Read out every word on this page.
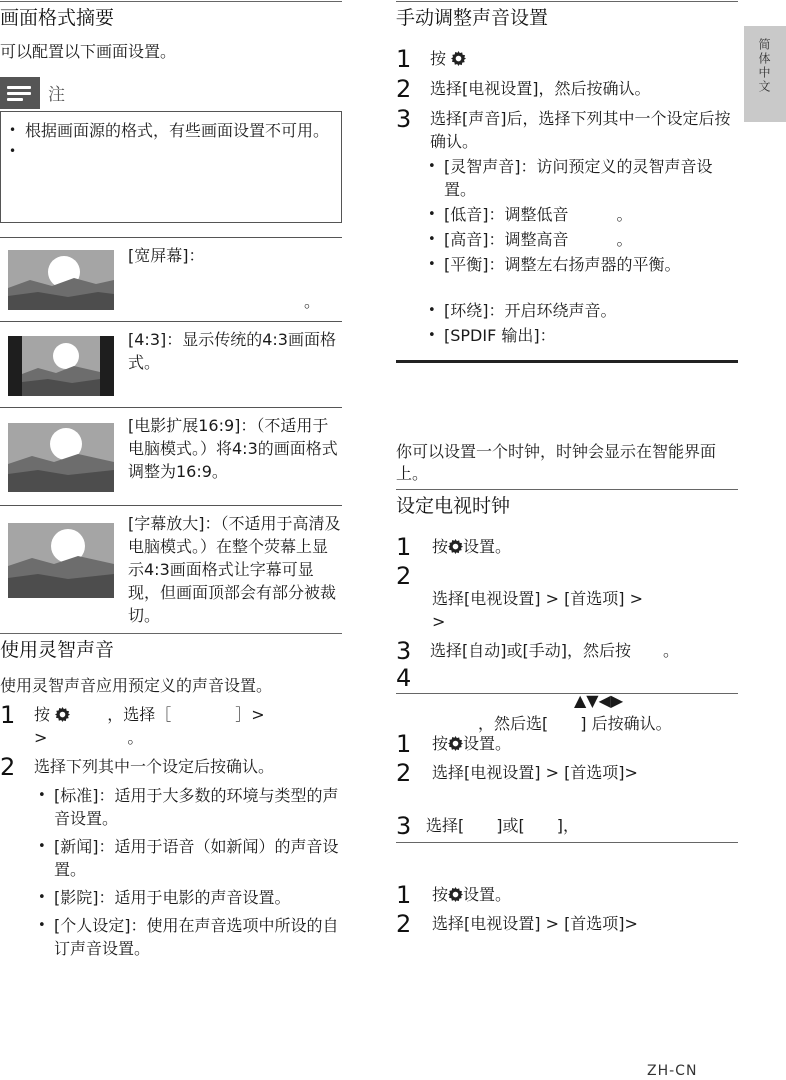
简体中文
画面格式摘要
可以配置以下画面设置。
注
• 根据画面源的格式，有些画面设置不可用。
[宽屏幕]：

　　　　　　　　　　　。
[4:3]：显示传统的4:3画面格式。
[电影扩展16:9]：（不适用于电脑模式。）将4:3的画面格式调整为16:9。
[字幕放大]：（不适用于高清及电脑模式。）在整个荧幕上显示4:3画面格式让字幕可显现，但画面顶部会有部分被裁切。
使用灵智声音
使用灵智声音应用预定义的声音设置。
1 按  　　，选择［　　　　］>
>　　　　　。
2 选择下列其中一个设定后按确认。
• [标准]：适用于大多数的环境与类型的声音设置。
• [新闻]：适用于语音（如新闻）的声音设置。
• [影院]：适用于电影的声音设置。
• [个人设定]：使用在声音选项中所设的自订声音设置。
手动调整声音设置
1 按
2 选择[电视设置]，然后按确认。
3 选择[声音]后，选择下列其中一个设定后按确认。
• [灵智声音]：访问预定义的灵智声音设置。
• [低音]：调整低音　　　。
• [高音]：调整高音　　　。
• [平衡]：调整左右扬声器的平衡。
• [环绕]：开启环绕声音。
• [SPDIF 输出]：
你可以设置一个时钟，时钟会显示在智能界面上。
设定电视时钟
1 按 设置。

2
选择[电视设置] > [首选项] >
>

3 选择[自动]或[手动]，然后按　　。

4
　　　　　　　　　▲▼◀▶
　　　，然后选[　　] 后按确认。

1 按 设置。
2 选择[电视设置] > [首选项]>
3 选择[　　]或[　　]，
1 按 设置。
2 选择[电视设置] > [首选项]>
ZH-CN
